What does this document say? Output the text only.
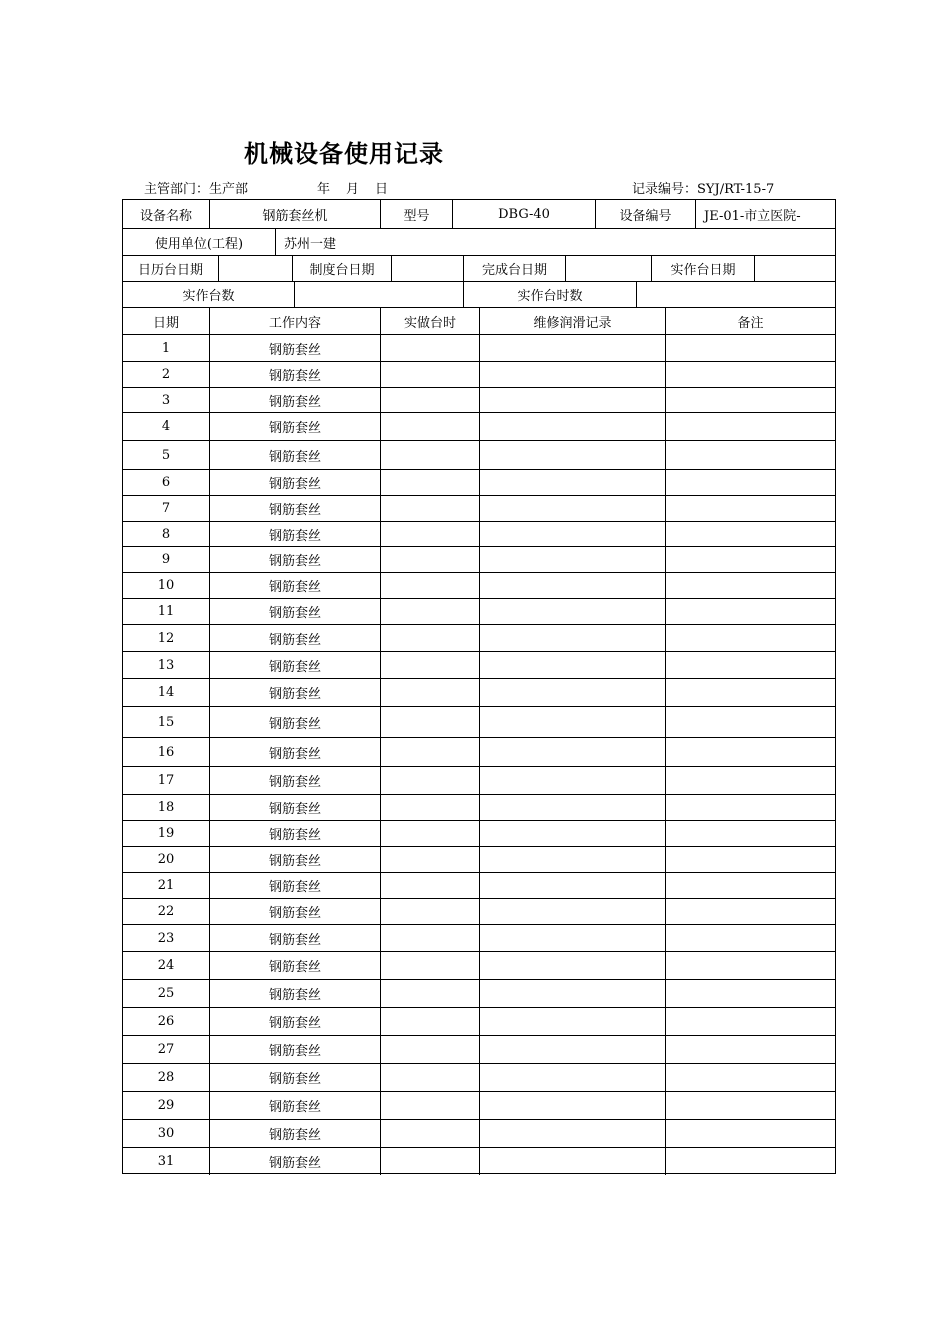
机械设备使用记录
主管部门：生产部	年 月 日	记录编号：SYJ/RT-15-7
设备名称	钢筋套丝机	型号	DBG-40	设备编号	JE-01-市立医院-
使用单位(工程)	苏州一建
日历台日期	制度台日期	完成台日期	实作台日期
实作台数	实作台时数
日期	工作内容	实做台时	维修润滑记录	备注
1	钢筋套丝
2	钢筋套丝
3	钢筋套丝
4	钢筋套丝
5	钢筋套丝
6	钢筋套丝
7	钢筋套丝
8	钢筋套丝
9	钢筋套丝
10	钢筋套丝
11	钢筋套丝
12	钢筋套丝
13	钢筋套丝
14	钢筋套丝
15	钢筋套丝
16	钢筋套丝
17	钢筋套丝
18	钢筋套丝
19	钢筋套丝
20	钢筋套丝
21	钢筋套丝
22	钢筋套丝
23	钢筋套丝
24	钢筋套丝
25	钢筋套丝
26	钢筋套丝
27	钢筋套丝
28	钢筋套丝
29	钢筋套丝
30	钢筋套丝
31	钢筋套丝
